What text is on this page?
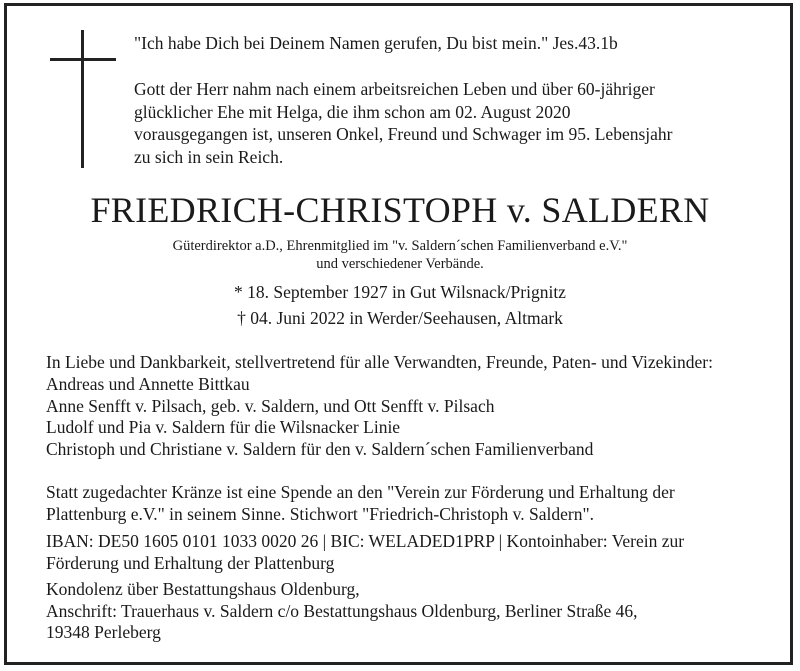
"Ich habe Dich bei Deinem Namen gerufen, Du bist mein." Jes.43.1b
Gott der Herr nahm nach einem arbeitsreichen Leben und über 60-jähriger
glücklicher Ehe mit Helga, die ihm schon am 02. August 2020
vorausgegangen ist, unseren Onkel, Freund und Schwager im 95. Lebensjahr
zu sich in sein Reich.
FRIEDRICH-CHRISTOPH v. SALDERN
Güterdirektor a.D., Ehrenmitglied im "v. Saldern´schen Familienverband e.V."
und verschiedener Verbände.
* 18. September 1927 in Gut Wilsnack/Prignitz
† 04. Juni 2022 in Werder/Seehausen, Altmark
In Liebe und Dankbarkeit, stellvertretend für alle Verwandten, Freunde, Paten- und Vizekinder:
Andreas und Annette Bittkau
Anne Senfft v. Pilsach, geb. v. Saldern, und Ott Senfft v. Pilsach
Ludolf und Pia v. Saldern für die Wilsnacker Linie
Christoph und Christiane v. Saldern für den v. Saldern´schen Familienverband
Statt zugedachter Kränze ist eine Spende an den "Verein zur Förderung und Erhaltung der
Plattenburg e.V." in seinem Sinne. Stichwort "Friedrich-Christoph v. Saldern".
IBAN: DE50 1605 0101 1033 0020 26 | BIC: WELADED1PRP | Kontoinhaber: Verein zur
Förderung und Erhaltung der Plattenburg
Kondolenz über Bestattungshaus Oldenburg,
Anschrift: Trauerhaus v. Saldern c/o Bestattungshaus Oldenburg, Berliner Straße 46,
19348 Perleberg
